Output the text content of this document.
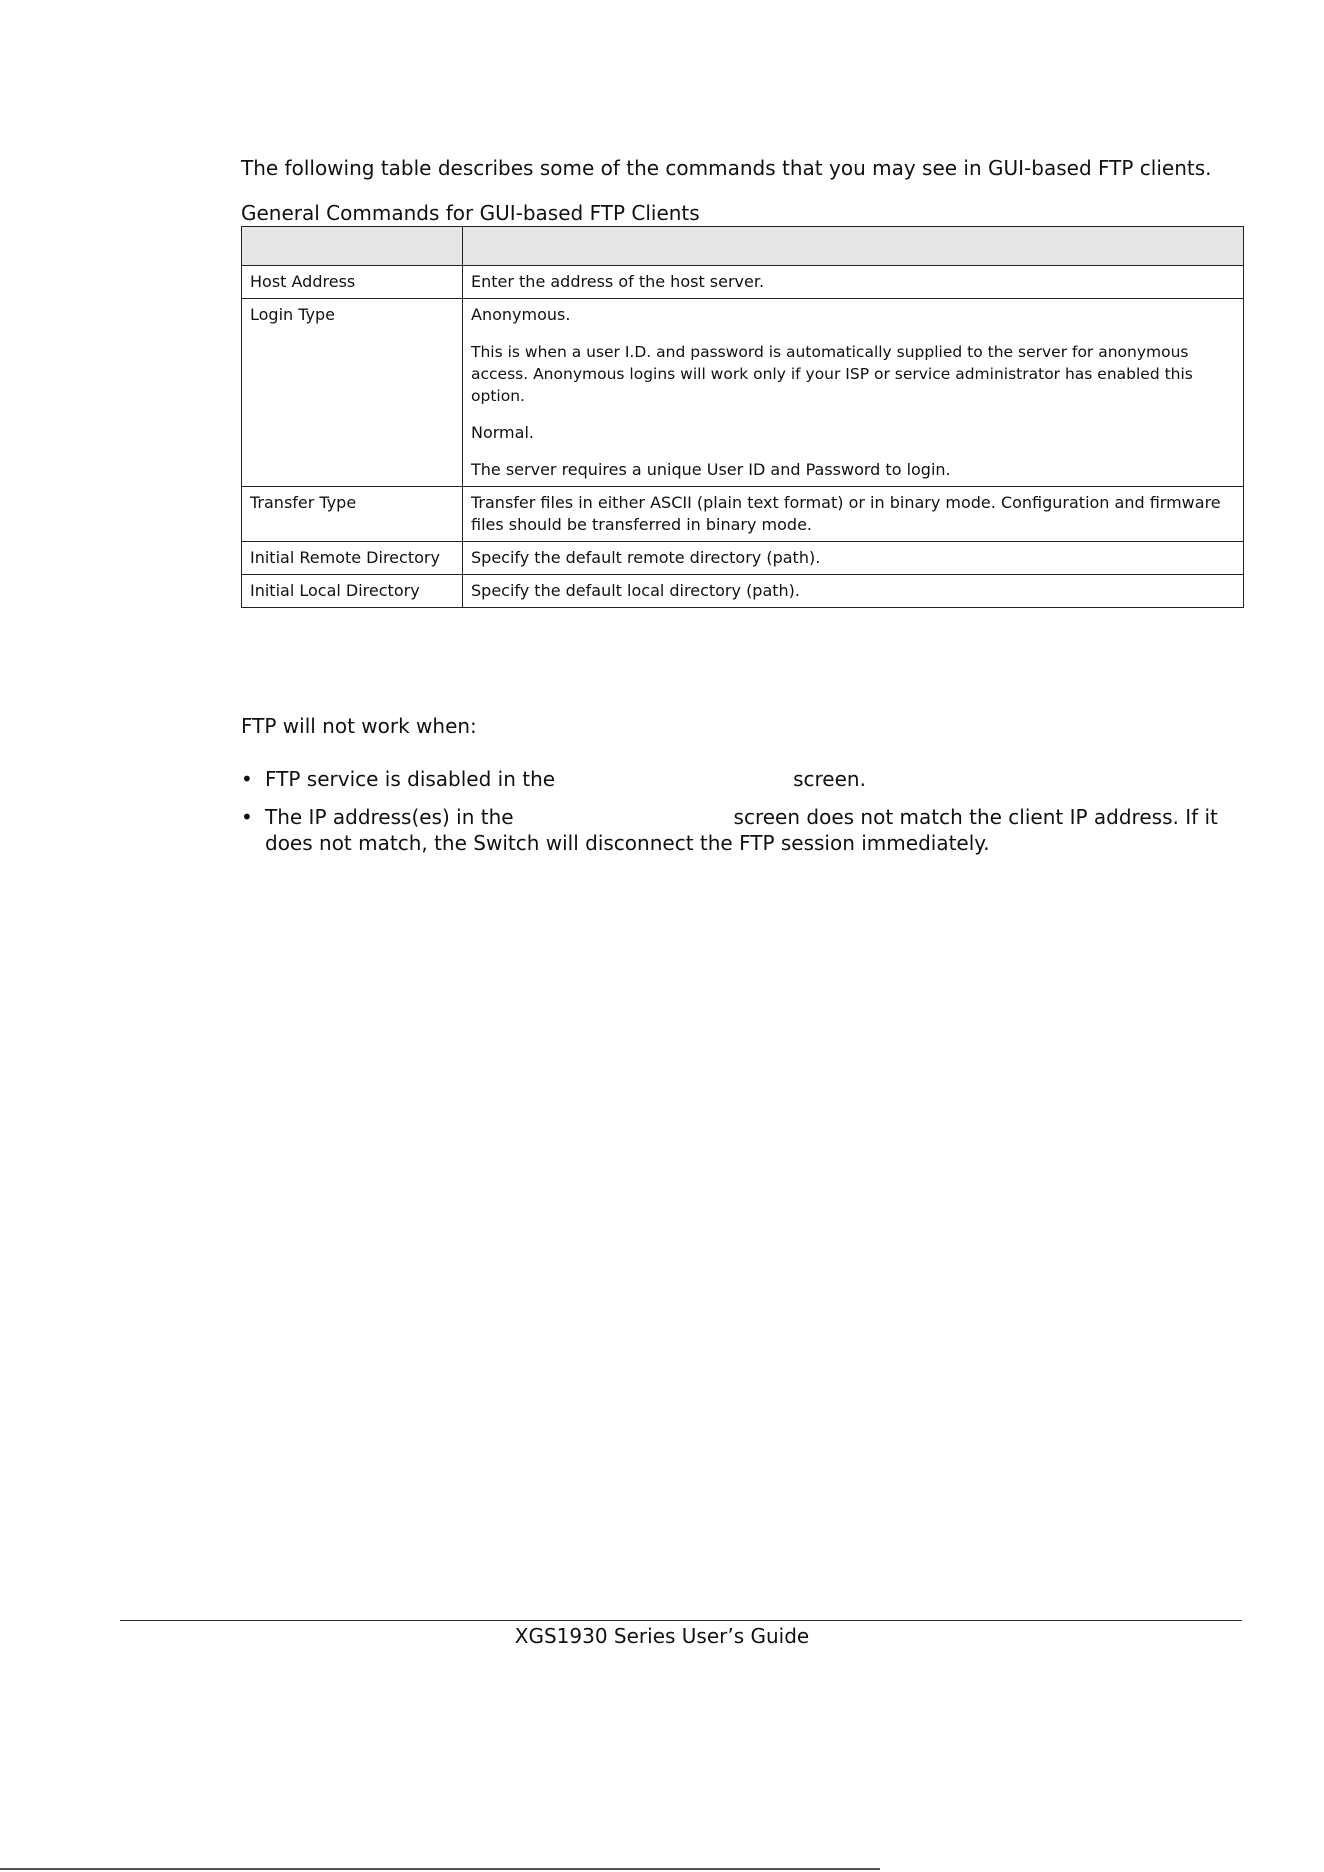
The following table describes some of the commands that you may see in GUI-based FTP clients.
General Commands for GUI-based FTP Clients

Host Address	Enter the address of the host server.

Login Type	Anonymous.

This is when a user I.D. and password is automatically supplied to the server for anonymous access. Anonymous logins will work only if your ISP or service administrator has enabled this option.

Normal.

The server requires a unique User ID and Password to login.

Transfer Type	Transfer files in either ASCII (plain text format) or in binary mode. Configuration and firmware files should be transferred in binary mode.

Initial Remote Directory	Specify the default remote directory (path).

Initial Local Directory	Specify the default local directory (path).

FTP will not work when:
• FTP service is disabled in the	screen.
• The IP address(es) in the	screen does not match the client IP address. If it does not match, the Switch will disconnect the FTP session immediately.
XGS1930 Series User’s Guide
